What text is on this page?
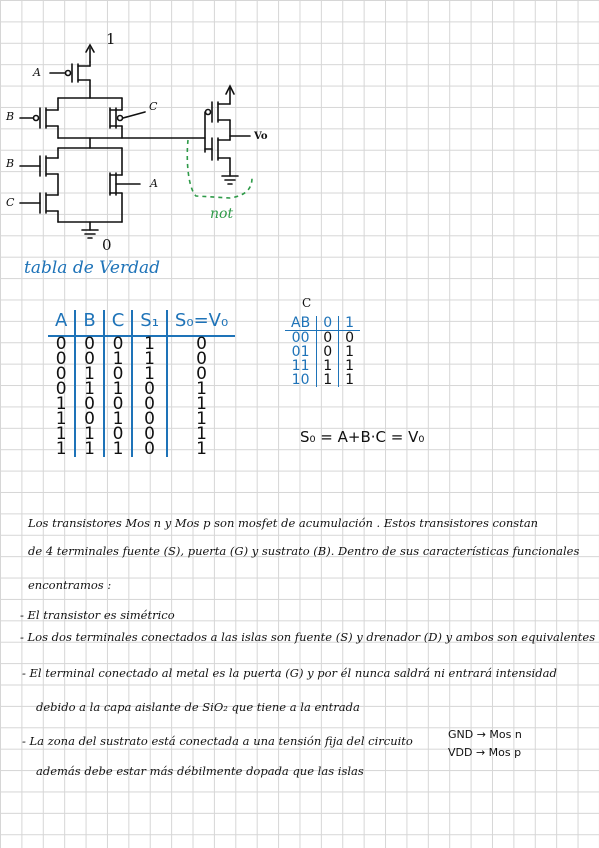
1
A
B
C
B
C
A
Vo
0
not
tabla de Verdad
A	B	C	S₁	S₀=V₀
0	0	0	1	0
0	0	1	1	0
0	1	0	1	0
0	1	1	0	1
1	0	0	0	1
1	0	1	0	1
1	1	0	0	1
1	1	1	0	1
C
AB	0	1
00	0	0
01	0	1
11	1	1
10	1	1
S₀ = A+B·C = V₀
Los transistores Mos n y Mos p son mosfet de acumulación . Estos transistores constan
de 4 terminales fuente (S), puerta (G) y sustrato (B). Dentro de sus características funcionales
encontramos :
- El transistor es simétrico
- Los dos terminales conectados a las islas son fuente (S) y drenador (D) y ambos son equivalentes
- El terminal conectado al metal es la puerta (G) y por él nunca saldrá ni entrará intensidad
debido a la capa aislante de SiO₂ que tiene a la entrada
- La zona del sustrato está conectada a una tensión fija del circuito
además debe estar más débilmente dopada que las islas
GND → Mos n
VDD → Mos p
